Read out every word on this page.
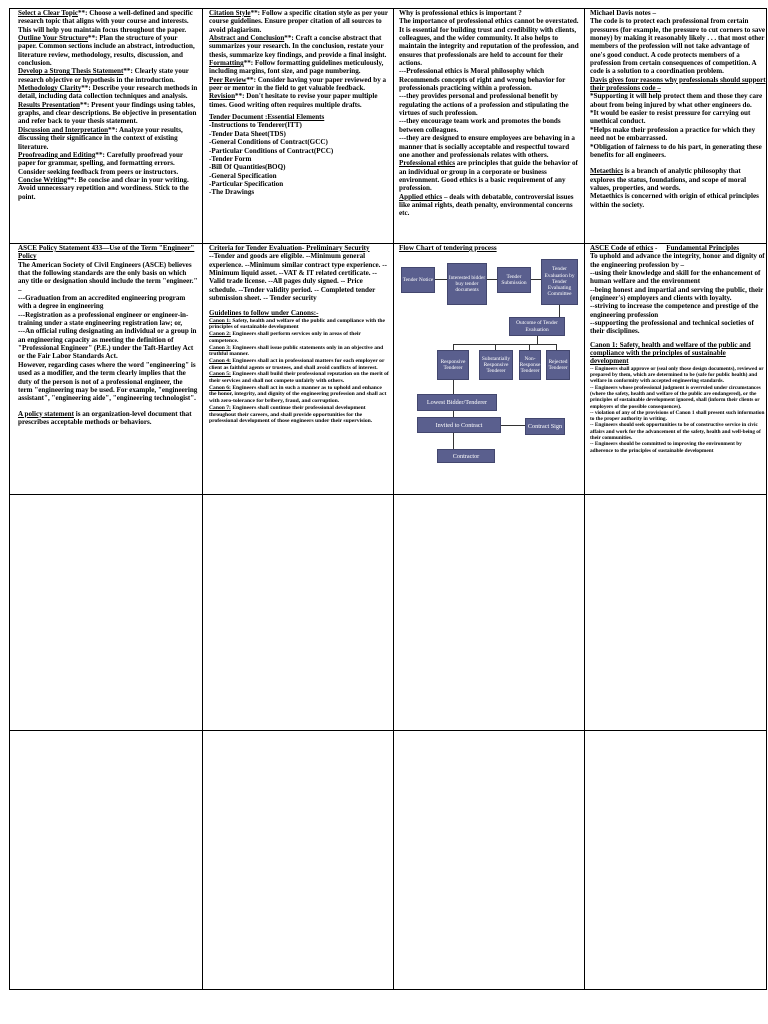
Select a Clear Topic**: Choose a well-defined and specific research topic that aligns with your course and interests. This will help you maintain focus throughout the paper.

Outline Your Structure**: Plan the structure of your paper. Common sections include an abstract, introduction, literature review, methodology, results, discussion, and conclusion.

Develop a Strong Thesis Statement**: Clearly state your research objective or hypothesis in the introduction.

Methodology Clarity**: Describe your research methods in detail, including data collection techniques and analysis.

Results Presentation**: Present your findings using tables, graphs, and clear descriptions. Be objective in presentation and refer back to your thesis statement.

Discussion and Interpretation**: Analyze your results, discussing their significance in the context of existing literature.

Proofreading and Editing**: Carefully proofread your paper for grammar, spelling, and formatting errors. Consider seeking feedback from peers or instructors.

Concise Writing**: Be concise and clear in your writing. Avoid unnecessary repetition and wordiness. Stick to the point.

Citation Style**: Follow a specific citation style as per your course guidelines. Ensure proper citation of all sources to avoid plagiarism.

Abstract and Conclusion**: Craft a concise abstract that summarizes your research. In the conclusion, restate your thesis, summarize key findings, and provide a final insight.

Formatting**: Follow formatting guidelines meticulously, including margins, font size, and page numbering.

Peer Review**: Consider having your paper reviewed by a peer or mentor in the field to get valuable feedback.

Revision**: Don't hesitate to revise your paper multiple times. Good writing often requires multiple drafts.

Tender Document :Essential Elements

-Instructions to Tenderer(ITT)

-Tender Data Sheet(TDS)

-General Conditions of Contract(GCC)

-Particular Conditions of Contract(PCC)

-Tender Form

-Bill Of Quantities(BOQ)

-General Specification

-Particular Specification

-The Drawings

Why is professional ethics is important ?

The importance of professional ethics cannot be overstated. It is essential for building trust and credibility with clients, colleagues, and the wider community. It also helps to maintain the integrity and reputation of the profession, and ensures that professionals are held to account for their actions.

---Professional ethics is Moral philosophy which Recommends concepts of right and wrong behavior for professionals practicing within a profession.

---they provides personal and professional benefit by regulating the actions of a profession and stipulating the virtues of such profession.

---they encourage team work and promotes the bonds between colleagues.

---they are designed to ensure employees are behaving in a manner that is socially acceptable and respectful toward one another and professionals relates with others.

Professional ethics are principles that guide the behavior of an individual or group in a corporate or business environment. Good ethics is a basic requirement of any profession.

Applied ethics – deals with debatable, controversial issues like animal rights, death penalty, environmental concerns etc.

Michael Davis notes –

The code is to protect each professional from certain pressures (for example, the pressure to cut corners to save money) by making it reasonably likely . . . that most other members of the profession will not take advantage of one's good conduct. A code protects members of a profession from certain consequences of competition. A code is a solution to a coordination problem.

Davis gives four reasons why professionals should support their professions code –

*Supporting it will help protect them and those they care about from being injured by what other engineers do.

*It would be easier to resist pressure for carrying out unethical conduct.

*Helps make their profession a practice for which they need not be embarrassed.

*Obligation of fairness to do his part, in generating these benefits for all engineers.

Metaethics is a branch of analytic philosophy that explores the status, foundations, and scope of moral values, properties, and words.

Metaethics is concerned with origin of ethical principles within the society.

ASCE Policy Statement 433—Use of the Term "Engineer"

Policy

The American Society of Civil Engineers (ASCE) believes that the following standards are the only basis on which any title or designation should include the term "engineer." –

---Graduation from an accredited engineering program with a degree in engineering

---Registration as a professional engineer or engineer-in-training under a state engineering registration law; or,

---An official ruling designating an individual or a group in an engineering capacity as meeting the definition of "Professional Engineer" (P.E.) under the Taft-Hartley Act or the Fair Labor Standards Act.

However, regarding cases where the word "engineering" is used as a modifier, and the term clearly implies that the duty of the person is not of a professional engineer, the term "engineering may be used. For example, "engineering assistant", "engineering aide", "engineering technologist".

A policy statement is an organization-level document that prescribes acceptable methods or behaviors.

Criteria for Tender Evaluation- Preliminary Security

--Tender and goods are eligible. --Minimum general experience. --Minimum similar contract type experience. --Minimum liquid asset. --VAT & IT related certificate. --Valid trade license. --All pages duly signed. -- Price schedule. --Tender validity period. -- Completed tender submission sheet. -- Tender security

Guidelines to follow under Canons:-

Canon 1: Safety, health and welfare of the public and compliance with the principles of sustainable development

Canon 2: Engineers shall perform services only in areas of their competence.

Canon 3: Engineers shall issue public statements only in an objective and truthful manner.

Canon 4: Engineers shall act in professional matters for each employer or client as faithful agents or trustees, and shall avoid conflicts of interest.

Canon 5: Engineers shall build their professional reputation on the merit of their services and shall not compete unfairly with others.

Canon 6: Engineers shall act in such a manner as to uphold and enhance the honor, integrity, and dignity of the engineering profession and shall act with zero-tolerance for bribery, fraud, and corruption.

Canon 7: Engineers shall continue their professional development throughout their careers, and shall provide opportunities for the professional development of those engineers under their supervision.

Flow Chart of tendering process

Tender Notice	Interested bidder buy tender documents
Tender Submission
Tender Evaluation by Tender Evaluating Committee
Outcome of Tender Evaluation
Responsive Tenderer
Substantially Responsive Tenderer
Non-Response Tenderer
Rejected Tenderer
Lowest Bidder/Tenderer
Invited to Contract	Contract Sign
Contractor

ASCE Code of ethics -     Fundamental Principles

To uphold and advance the integrity, honor and dignity of the engineering profession by –

--using their knowledge and skill for the enhancement of human welfare and the environment

--being honest and impartial and serving the public, their (engineer's) employers and clients with loyalty.

--striving to increase the competence and prestige of the engineering profession

--supporting the professional and technical societies of their disciplines.

Canon 1: Safety, health and welfare of the public and compliance with the principles of sustainable development

-- Engineers shall approve or (seal only those design documents), reviewed or prepared by them, which are determined to be (safe for public health) and welfare in conformity with accepted engineering standards.

-- Engineers whose professional judgment is overruled under circumstances (where the safety, health and welfare of the public are endangered), or the principles of sustainable development ignored, shall (inform their clients or employers of the possible consequences).

-- violation of any of the provisions of Canon 1 shall present such information to the proper authority in writing.

-- Engineers should seek opportunities to be of constructive service in civic affairs and work for the advancement of the safety, health and well-being of their communities.

-- Engineers should be committed to improving the environment by adherence to the principles of sustainable development
